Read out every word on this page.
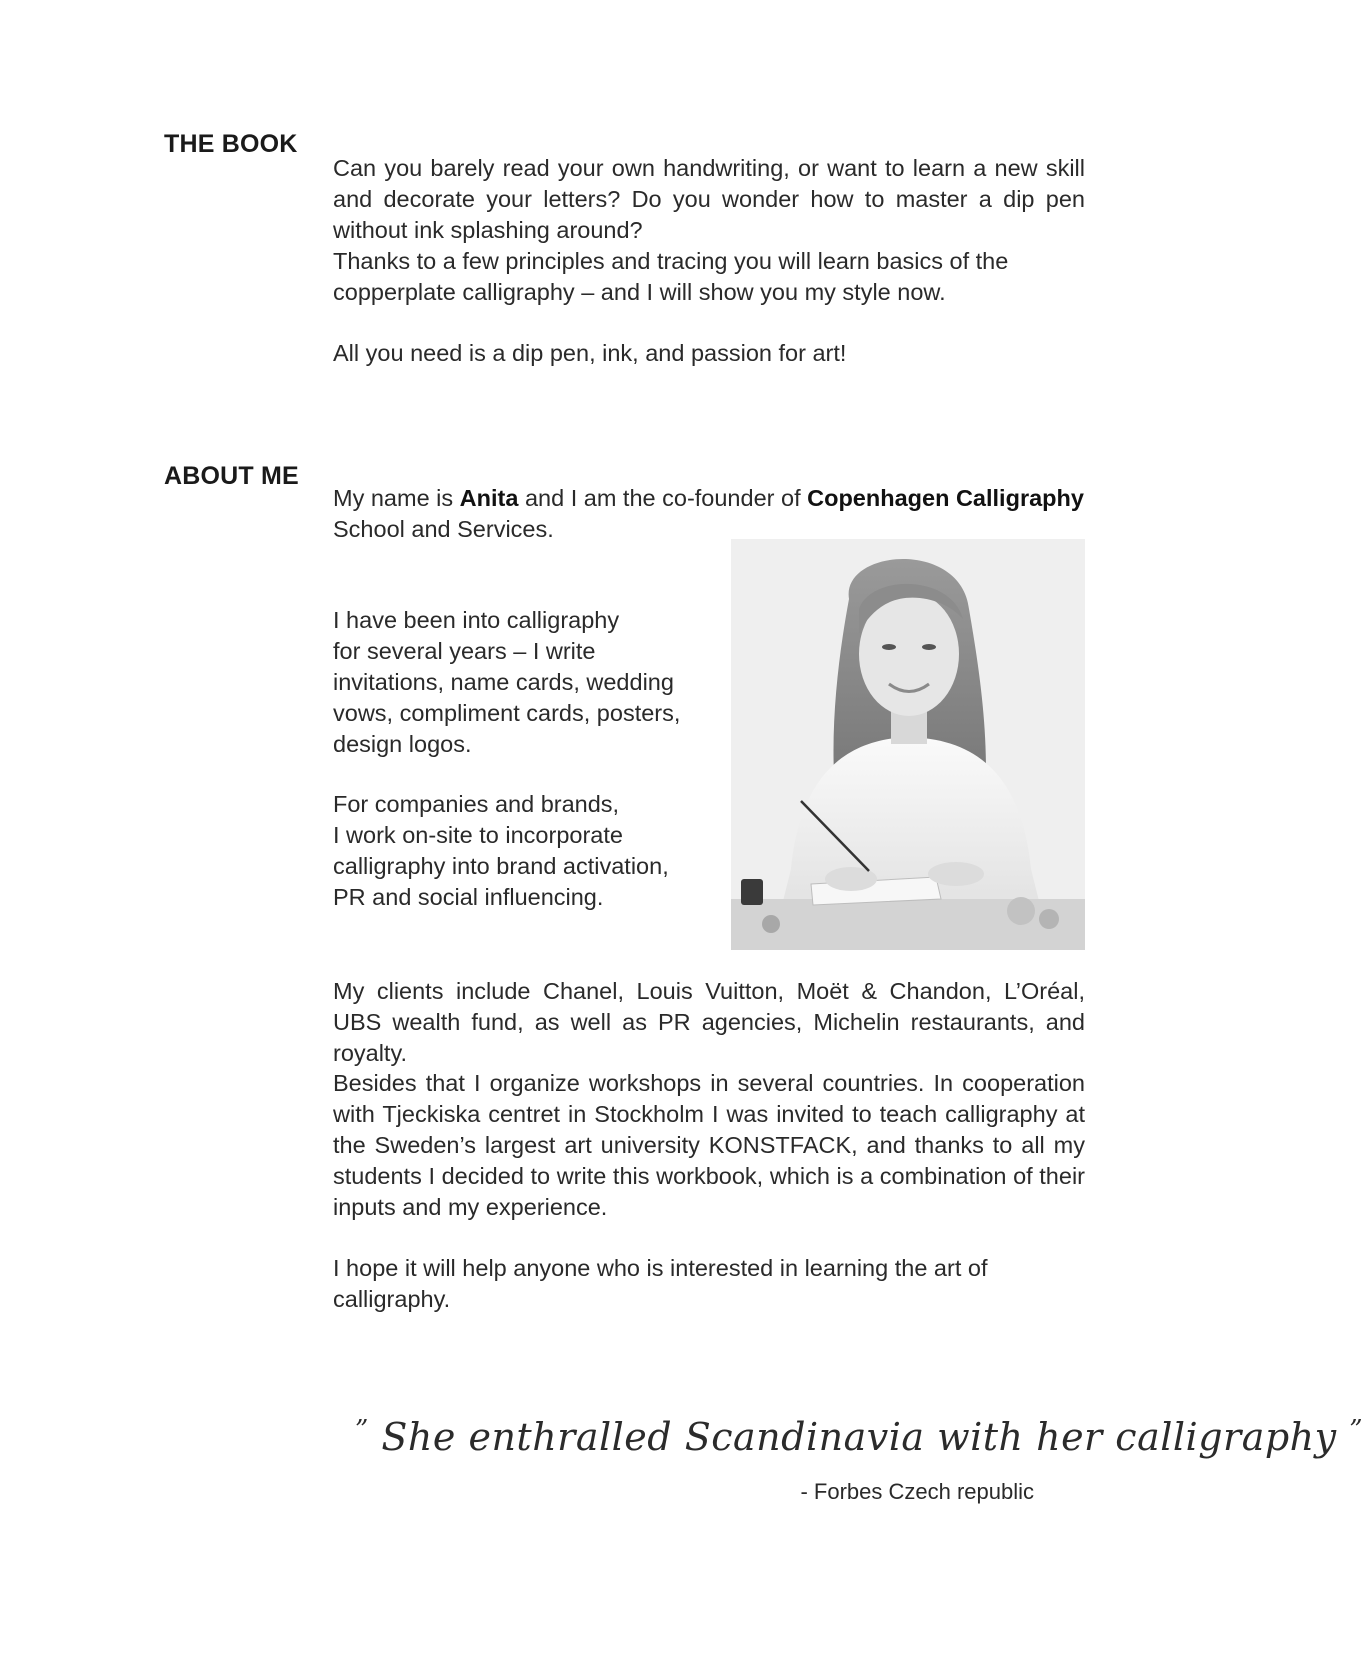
THE BOOK

Can you barely read your own handwriting, or want to learn a new skill and decorate your letters? Do you wonder how to master a dip pen without ink splashing around?

Thanks to a few principles and tracing you will learn basics of the
copperplate calligraphy – and I will show you my style now.

All you need is a dip pen, ink, and passion for art!

ABOUT ME

My name is Anita and I am the co-founder of Copenhagen Calligraphy
School and Services.

I have been into calligraphy
for several years – I write
invitations, name cards, wedding
vows, compliment cards, posters,
design logos.

For companies and brands,
I work on-site to incorporate
calligraphy into brand activation,
PR and social influencing.

My clients include Chanel, Louis Vuitton, Moët & Chandon, L’Oréal, UBS wealth fund, as well as PR agencies, Michelin restaurants, and royalty.

Besides that I organize workshops in several countries. In cooperation with Tjeckiska centret in Stockholm I was invited to teach calligraphy at the Sweden’s largest art university KONSTFACK, and thanks to all my students I decided to write this workbook, which is a combination of their inputs and my experience.

I hope it will help anyone who is interested in learning the art of
calligraphy.

” She enthralled Scandinavia with her calligraphy ”
- Forbes Czech republic
